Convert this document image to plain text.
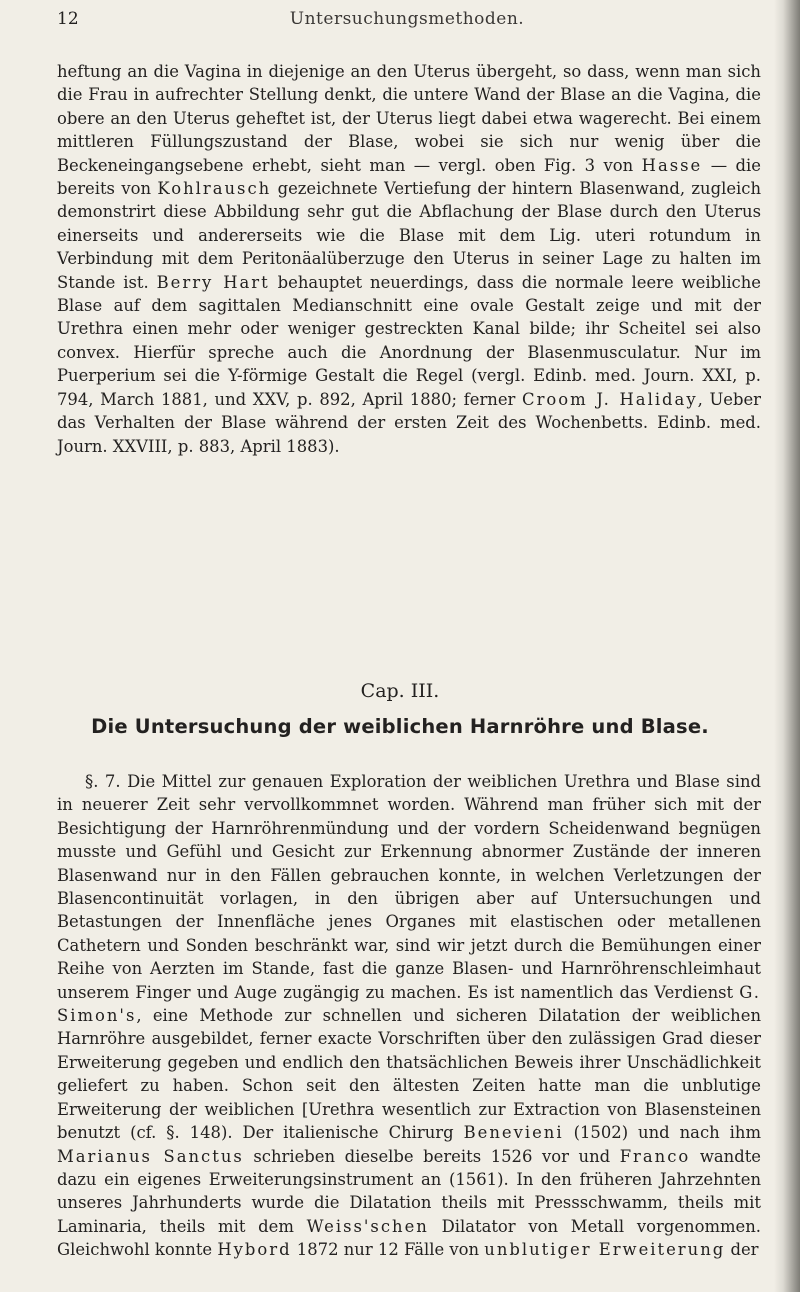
12	Untersuchungsmethoden.

heftung an die Vagina in diejenige an den Uterus übergeht, so dass, wenn man sich die Frau in aufrechter Stellung denkt, die untere Wand der Blase an die Vagina, die obere an den Uterus geheftet ist, der Uterus liegt dabei etwa wagerecht. Bei einem mittleren Füllungszustand der Blase, wobei sie sich nur wenig über die Beckeneingangsebene erhebt, sieht man — vergl. oben Fig. 3 von Hasse — die bereits von Kohlrausch gezeichnete Vertiefung der hintern Blasenwand, zugleich demonstrirt diese Abbildung sehr gut die Abflachung der Blase durch den Uterus einerseits und andererseits wie die Blase mit dem Lig. uteri rotundum in Verbindung mit dem Peritonäalüberzuge den Uterus in seiner Lage zu halten im Stande ist. Berry Hart behauptet neuerdings, dass die normale leere weibliche Blase auf dem sagittalen Medianschnitt eine ovale Gestalt zeige und mit der Urethra einen mehr oder weniger gestreckten Kanal bilde; ihr Scheitel sei also convex. Hierfür spreche auch die Anordnung der Blasenmusculatur. Nur im Puerperium sei die Y-förmige Gestalt die Regel (vergl. Edinb. med. Journ. XXI, p. 794, March 1881, und XXV, p. 892, April 1880; ferner Croom J. Haliday, Ueber das Verhalten der Blase während der ersten Zeit des Wochenbetts. Edinb. med. Journ. XXVIII, p. 883, April 1883).

Cap. III.
Die Untersuchung der weiblichen Harnröhre und Blase.

§. 7. Die Mittel zur genauen Exploration der weiblichen Urethra und Blase sind in neuerer Zeit sehr vervollkommnet worden. Während man früher sich mit der Besichtigung der Harnröhrenmündung und der vordern Scheidenwand begnügen musste und Gefühl und Gesicht zur Erkennung abnormer Zustände der inneren Blasenwand nur in den Fällen gebrauchen konnte, in welchen Verletzungen der Blasencontinuität vorlagen, in den übrigen aber auf Untersuchungen und Betastungen der Innenfläche jenes Organes mit elastischen oder metallenen Cathetern und Sonden beschränkt war, sind wir jetzt durch die Bemühungen einer Reihe von Aerzten im Stande, fast die ganze Blasen- und Harnröhrenschleimhaut unserem Finger und Auge zugängig zu machen. Es ist namentlich das Verdienst G. Simon's, eine Methode zur schnellen und sicheren Dilatation der weiblichen Harnröhre ausgebildet, ferner exacte Vorschriften über den zulässigen Grad dieser Erweiterung gegeben und endlich den thatsächlichen Beweis ihrer Unschädlichkeit geliefert zu haben. Schon seit den ältesten Zeiten hatte man die unblutige Erweiterung der weiblichen [Urethra wesentlich zur Extraction von Blasensteinen benutzt (cf. §. 148). Der italienische Chirurg Benevieni (1502) und nach ihm Marianus Sanctus schrieben dieselbe bereits 1526 vor und Franco wandte dazu ein eigenes Erweiterungsinstrument an (1561). In den früheren Jahrzehnten unseres Jahrhunderts wurde die Dilatation theils mit Pressschwamm, theils mit Laminaria, theils mit dem Weiss'schen Dilatator von Metall vorgenommen. Gleichwohl konnte Hybord 1872 nur 12 Fälle von unblutiger Erweiterung der
